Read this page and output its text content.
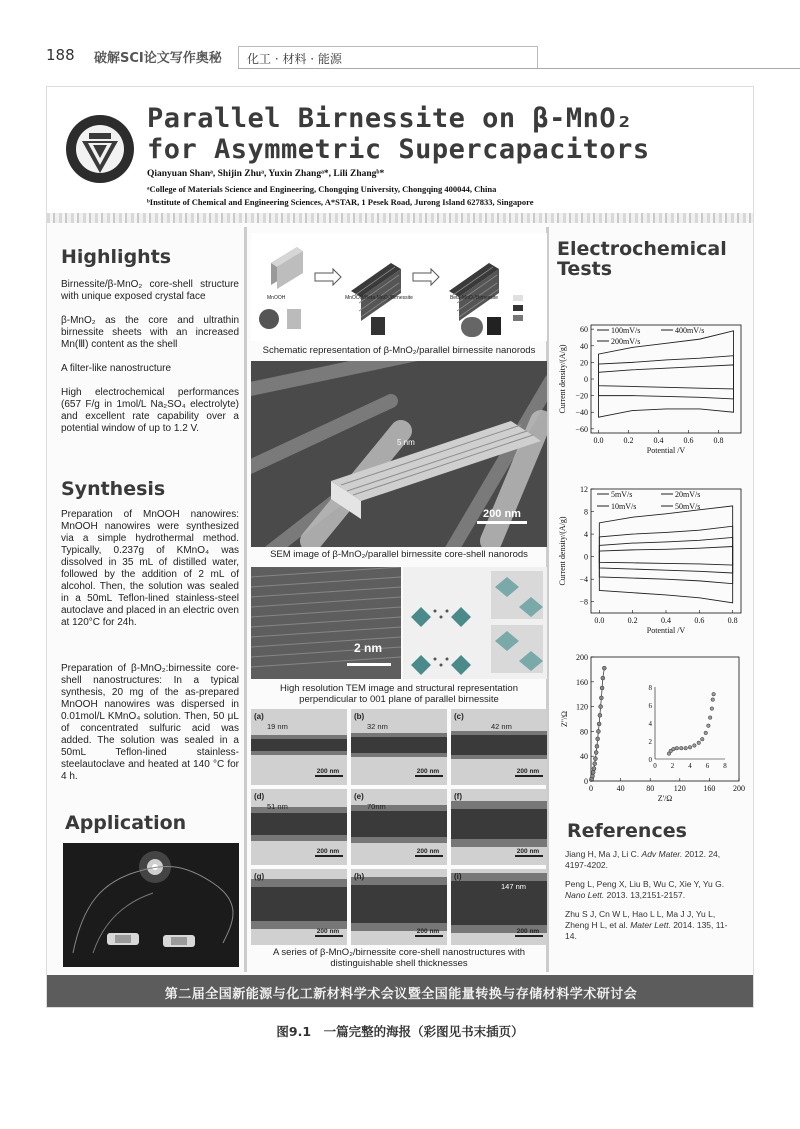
188 破解SCI论文写作奥秘	化工 · 材料 · 能源
Parallel Birnessite on β-MnO₂
for Asymmetric Supercapacitors
Qianyuan Shanᵃ, Shijin Zhuᵃ, Yuxin Zhangᵃ*, Lili Zhangᵇ*
ᵃCollege of Materials Science and Engineering, Chongqing University, Chongqing 400044, China
ᵇInstitute of Chemical and Engineering Sciences, A*STAR, 1 Pesek Road, Jurong Island 627833, Singapore
Highlights

Birnessite/β-MnO₂ core-shell structure with unique exposed crystal face

β-MnO₂ as the core and ultrathin birnessite sheets with an increased Mn(Ⅲ) content as the shell

A filter-like nanostructure

High electrochemical performances (657 F/g in 1mol/L Na₂SO₄ electrolyte) and excellent rate capability over a potential window of up to 1.2 V.

Synthesis

Preparation of MnOOH nanowires: MnOOH nanowires were synthesized via a simple hydrothermal method. Typically, 0.237g of KMnO₄ was dissolved in 35 mL of distilled water, followed by the addition of 2 mL of alcohol. Then, the solution was sealed in a 50mL Teflon-lined stainless-steel autoclave and placed in an electric oven at 120°C for 24h.

Preparation of β-MnO₂:birnessite core-shell nanostructures: In a typical synthesis, 20 mg of the as-prepared MnOOH nanowires was dispersed in 0.01mol/L KMnO₄ solution. Then, 50 μL of concentrated sulfuric acid was added. The solution was sealed in a 50mL Teflon-lined stainless-steelautoclave and heated at 140 °C for 4 h.

Application
MnOOH	MnOOH/Beta-MnO₂/Birnessite	Beta-MnO₂/Birnessite
Schematic representation of β-MnO₂/parallel birnessite nanorods
5 nm
200 nm
SEM image of β-MnO₂/parallel birnessite core-shell nanorods
2 nm
High resolution TEM image and structural representation
perpendicular to 001 plane of parallel birnessite
(a)
19 nm
200 nm
(b)
32 nm
200 nm
(c)
42 nm
200 nm
(d)
51 nm
200 nm
(e)
70nm
200 nm
(f)
200 nm
(g)
200 nm
(h)
200 nm
(i)
147 nm
200 nm
A series of β-MnO₂/birnessite core-shell nanostructures with
distinguishable shell thicknesses
Electrochemical
Tests
−60
−40
−20
0
20
40
60
0.0	0.2	0.4	0.6	0.8
Potential /V
Current density/(A/g)
100mV/s	400mV/s
200mV/s
−8
−4
0
4
8
12
0.0	0.2	0.4	0.6	0.8
Potential /V
Current density/(A/g)
5mV/s	20mV/s
10mV/s	50mV/s
0
40
80
120
160
200
0	40	80 120 160 200
Z'/Ω
Z''/Ω
0
2
4
6
8
0 2 4 6 8
References

Jiang H, Ma J, Li C. Adv Mater. 2012. 24, 4197-4202.

Peng L, Peng X, Liu B, Wu C, Xie Y, Yu G. Nano Lett. 2013. 13,2151-2157.

Zhu S J, Cn W L, Hao L L, Ma J J, Yu L, Zheng H L, et al. Mater Lett. 2014. 135, 11-14.

第二届全国新能源与化工新材料学术会议暨全国能量转换与存储材料学术研讨会
图9.1　一篇完整的海报（彩图见书末插页）
